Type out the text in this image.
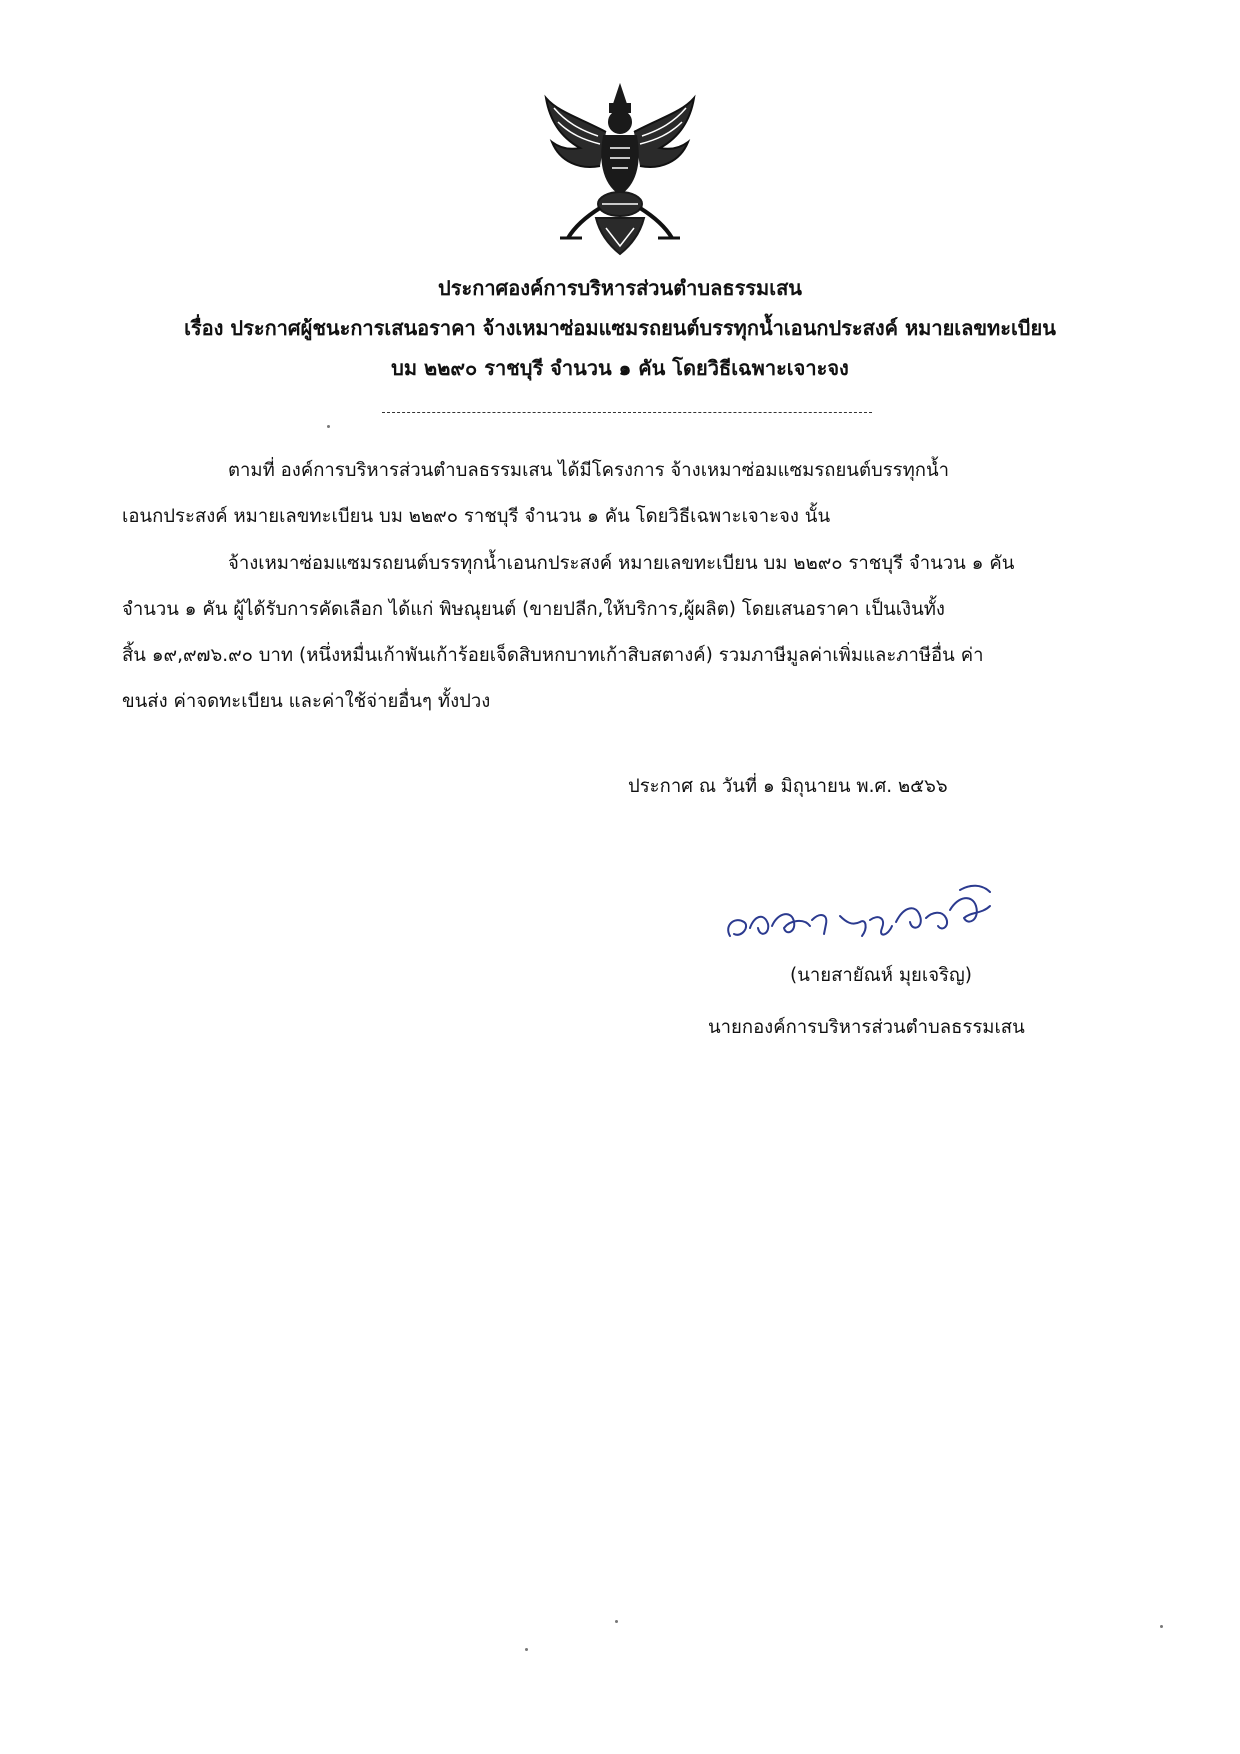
ประกาศองค์การบริหารส่วนตำบลธรรมเสน
เรื่อง ประกาศผู้ชนะการเสนอราคา จ้างเหมาซ่อมแซมรถยนต์บรรทุกน้ำเอนกประสงค์ หมายเลขทะเบียน
บม ๒๒๙๐ ราชบุรี จำนวน ๑ คัน โดยวิธีเฉพาะเจาะจง
ตามที่ องค์การบริหารส่วนตำบลธรรมเสน ได้มีโครงการ จ้างเหมาซ่อมแซมรถยนต์บรรทุกน้ำ
เอนกประสงค์ หมายเลขทะเบียน บม ๒๒๙๐ ราชบุรี จำนวน ๑ คัน โดยวิธีเฉพาะเจาะจง นั้น
จ้างเหมาซ่อมแซมรถยนต์บรรทุกน้ำเอนกประสงค์ หมายเลขทะเบียน บม ๒๒๙๐ ราชบุรี จำนวน ๑ คัน
จำนวน ๑ คัน ผู้ได้รับการคัดเลือก ได้แก่ พิษณุยนต์ (ขายปลีก,ให้บริการ,ผู้ผลิต) โดยเสนอราคา เป็นเงินทั้ง
สิ้น ๑๙,๙๗๖.๙๐ บาท (หนึ่งหมื่นเก้าพันเก้าร้อยเจ็ดสิบหกบาทเก้าสิบสตางค์) รวมภาษีมูลค่าเพิ่มและภาษีอื่น ค่า
ขนส่ง ค่าจดทะเบียน และค่าใช้จ่ายอื่นๆ ทั้งปวง
ประกาศ ณ วันที่ ๑ มิถุนายน พ.ศ. ๒๕๖๖
(นายสายัณห์ มุยเจริญ)
นายกองค์การบริหารส่วนตำบลธรรมเสน
